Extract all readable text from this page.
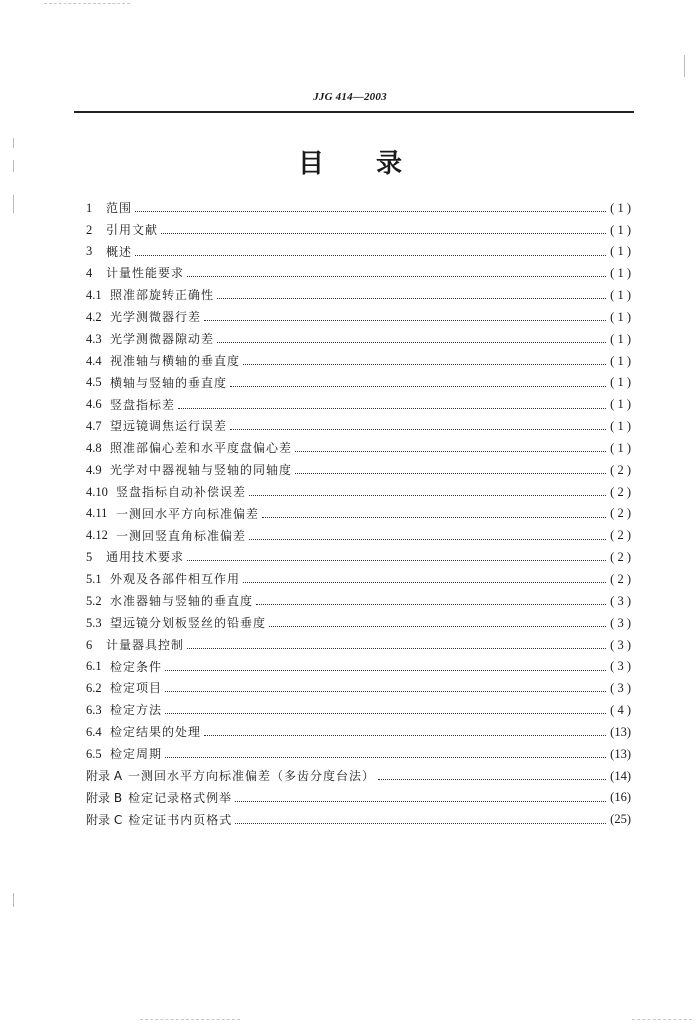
JJG 414—2003
目　　录
1	范围	( 1 )
2	引用文献	( 1 )
3	概述	( 1 )
4	计量性能要求	( 1 )
4.1 照准部旋转正确性	( 1 )
4.2 光学测微器行差	( 1 )
4.3 光学测微器隙动差	( 1 )
4.4 视准轴与横轴的垂直度	( 1 )
4.5 横轴与竖轴的垂直度	( 1 )
4.6 竖盘指标差	( 1 )
4.7 望远镜调焦运行误差	( 1 )
4.8 照准部偏心差和水平度盘偏心差	( 1 )
4.9 光学对中器视轴与竖轴的同轴度	( 2 )
4.10 竖盘指标自动补偿误差	( 2 )
4.11 一测回水平方向标准偏差	( 2 )
4.12 一测回竖直角标准偏差	( 2 )
5	通用技术要求	( 2 )
5.1 外观及各部件相互作用	( 2 )
5.2 水准器轴与竖轴的垂直度	( 3 )
5.3 望远镜分划板竖丝的铅垂度	( 3 )
6	计量器具控制	( 3 )
6.1 检定条件	( 3 )
6.2 检定项目	( 3 )
6.3 检定方法	( 4 )
6.4 检定结果的处理	(13)
6.5 检定周期	(13)
附录 A 一测回水平方向标准偏差（多齿分度台法）	(14)
附录 B 检定记录格式例举	(16)
附录 C 检定证书内页格式	(25)
